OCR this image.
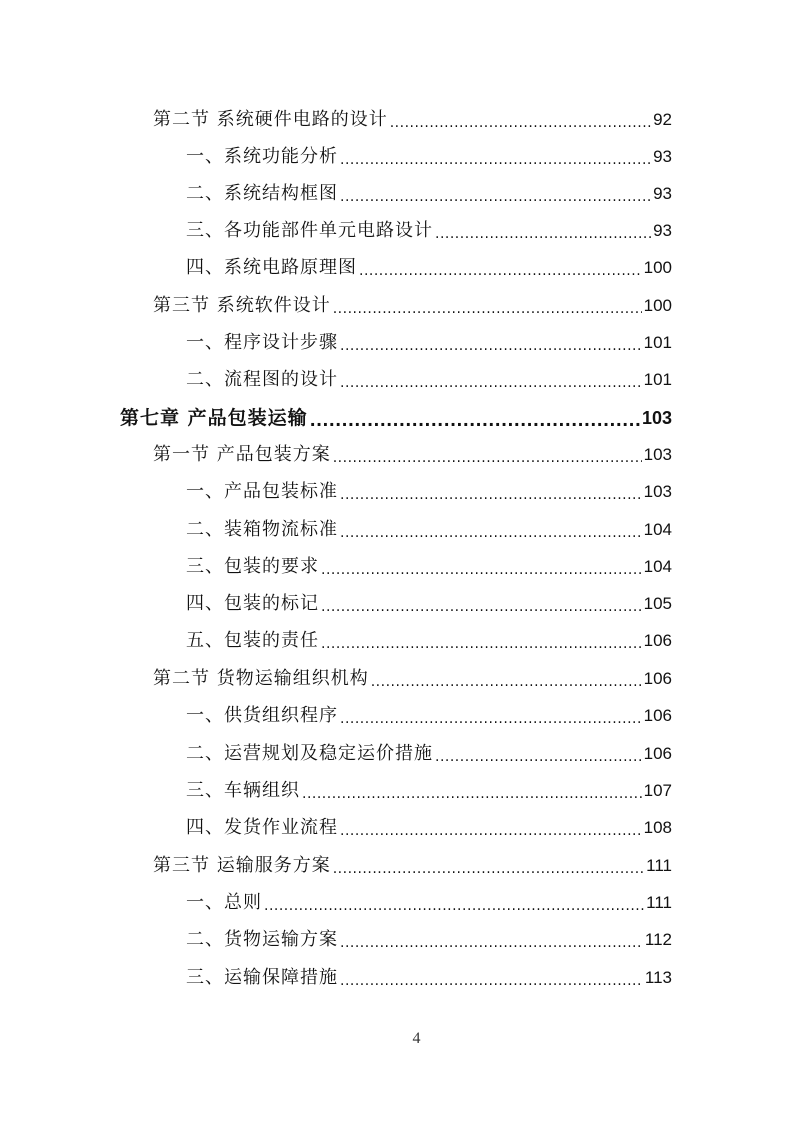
第二节 系统硬件电路的设计 .....	92
一、系统功能分析 .....	93
二、系统结构框图 .....	93
三、各功能部件单元电路设计 .....	93
四、系统电路原理图 .....	100
第三节 系统软件设计 .....	100
一、程序设计步骤 .....	101
二、流程图的设计 .....	101
第七章 产品包装运输 .....	103
第一节 产品包装方案 .....	103
一、产品包装标准 .....	103
二、装箱物流标准 .....	104
三、包装的要求 .....	104
四、包装的标记 .....	105
五、包装的责任 .....	106
第二节 货物运输组织机构 .....	106
一、供货组织程序 .....	106
二、运营规划及稳定运价措施 .....	106
三、车辆组织 .....	107
四、发货作业流程 .....	108
第三节 运输服务方案 .....	111
一、总则 .....	111
二、货物运输方案 .....	112
三、运输保障措施 .....	113
4
